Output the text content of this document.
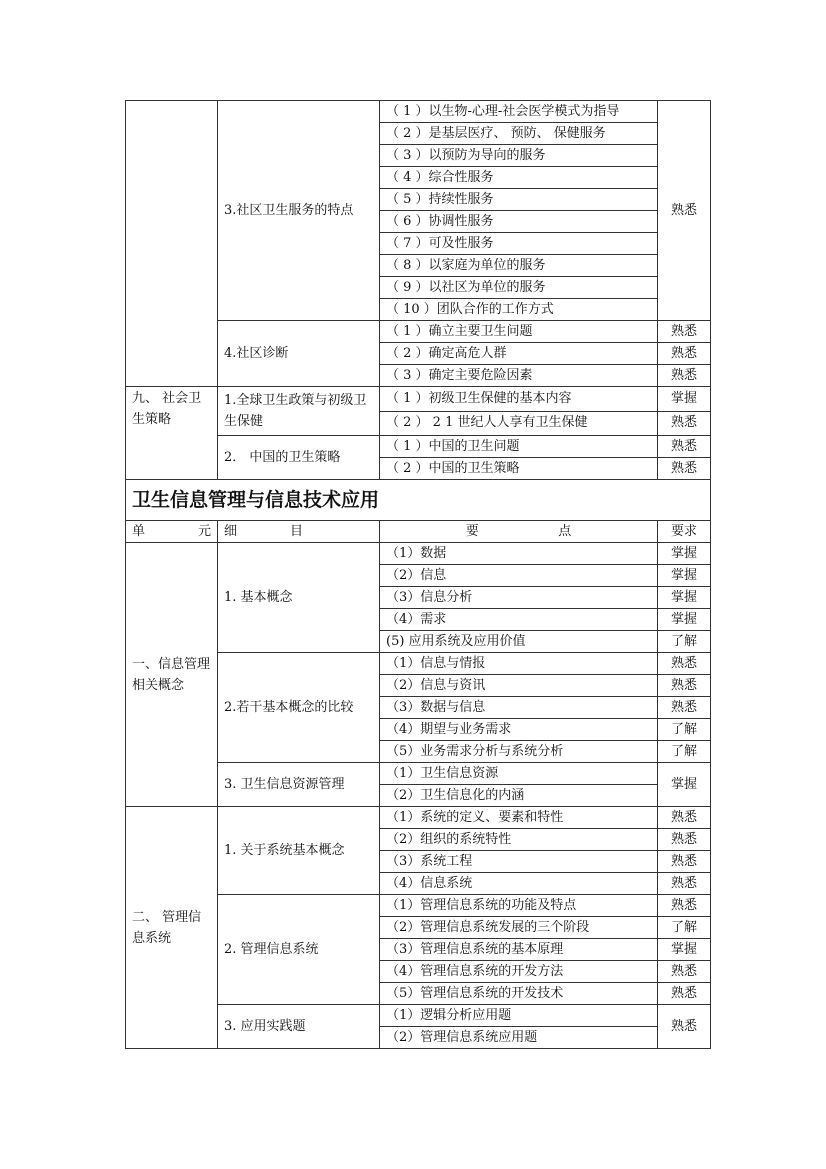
	3.社区卫生服务的特点	（ 1 ）以生物-心理-社会医学模式为指导	熟悉
		（ 2 ）是基层医疗、 预防、 保健服务	
		（ 3 ）以预防为导向的服务	
		（ 4 ）综合性服务	
		（ 5 ）持续性服务	
		（ 6 ）协调性服务	
		（ 7 ）可及性服务	
		（ 8 ）以家庭为单位的服务	
		（ 9 ）以社区为单位的服务	
		（ 10 ）团队合作的工作方式	
	4.社区诊断	（ 1 ）确立主要卫生问题	熟悉
		（ 2 ）确定高危人群	熟悉
		（ 3 ）确定主要危险因素	熟悉
九、 社会卫生策略	1.全球卫生政策与初级卫生保健	（ 1 ）初级卫生保健的基本内容	掌握
		（ 2 ） 2 1 世纪人人享有卫生保健	熟悉
	2． 中国的卫生策略	（ 1 ）中国的卫生问题	熟悉
		（ 2 ）中国的卫生策略	熟悉
卫生信息管理与信息技术应用			

单 元	细 目	要 点	要求
一、信息管理相关概念	1. 基本概念	（1）数据	掌握
		（2）信息	掌握
		（3）信息分析	掌握
		（4）需求	掌握
		(5) 应用系统及应用价值	了解
	2.若干基本概念的比较	（1）信息与情报	熟悉
		（2）信息与资讯	熟悉
		（3）数据与信息	熟悉
		（4）期望与业务需求	了解
		（5）业务需求分析与系统分析	了解
	3. 卫生信息资源管理	（1）卫生信息资源	掌握
		（2）卫生信息化的内涵	
二、 管理信息系统	1. 关于系统基本概念	（1）系统的定义、要素和特性	熟悉
		（2）组织的系统特性	熟悉
		（3）系统工程	熟悉
		（4）信息系统	熟悉
	2. 管理信息系统	（1）管理信息系统的功能及特点	熟悉
		（2）管理信息系统发展的三个阶段	了解
		（3）管理信息系统的基本原理	掌握
		（4）管理信息系统的开发方法	熟悉
		（5）管理信息系统的开发技术	熟悉
	3. 应用实践题	（1）逻辑分析应用题	熟悉
		（2）管理信息系统应用题	
